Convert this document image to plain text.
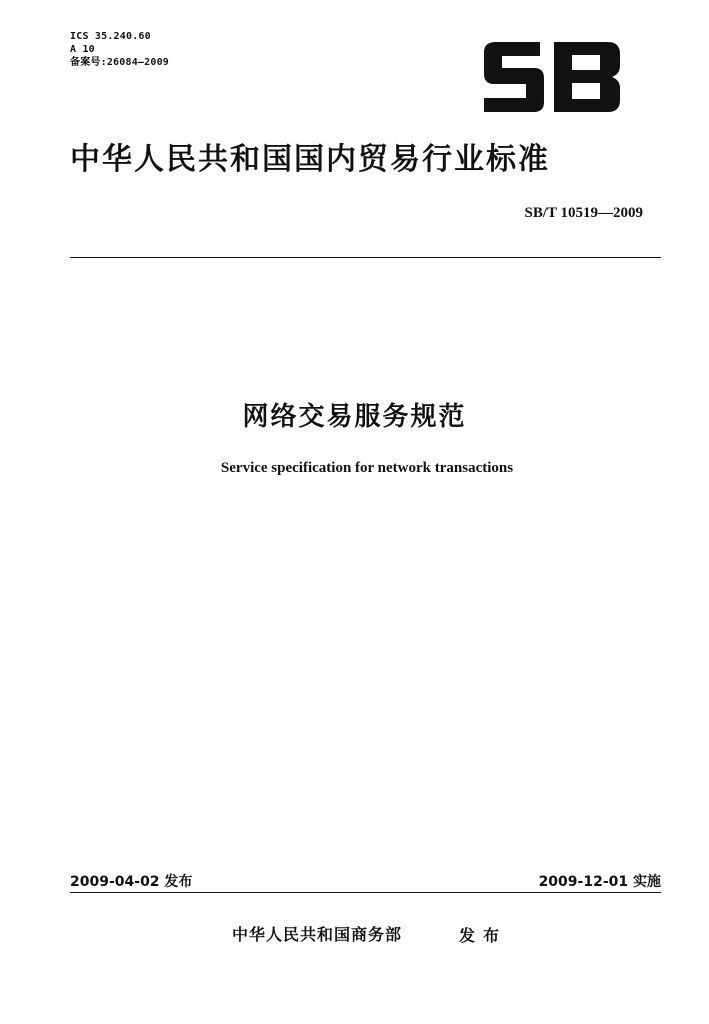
ICS 35.240.60
A 10
备案号:26084—2009
中华人民共和国国内贸易行业标准
SB/T 10519—2009
网络交易服务规范
Service specification for network transactions
2009-04-02 发布	2009-12-01 实施
中华人民共和国商务部	发布
